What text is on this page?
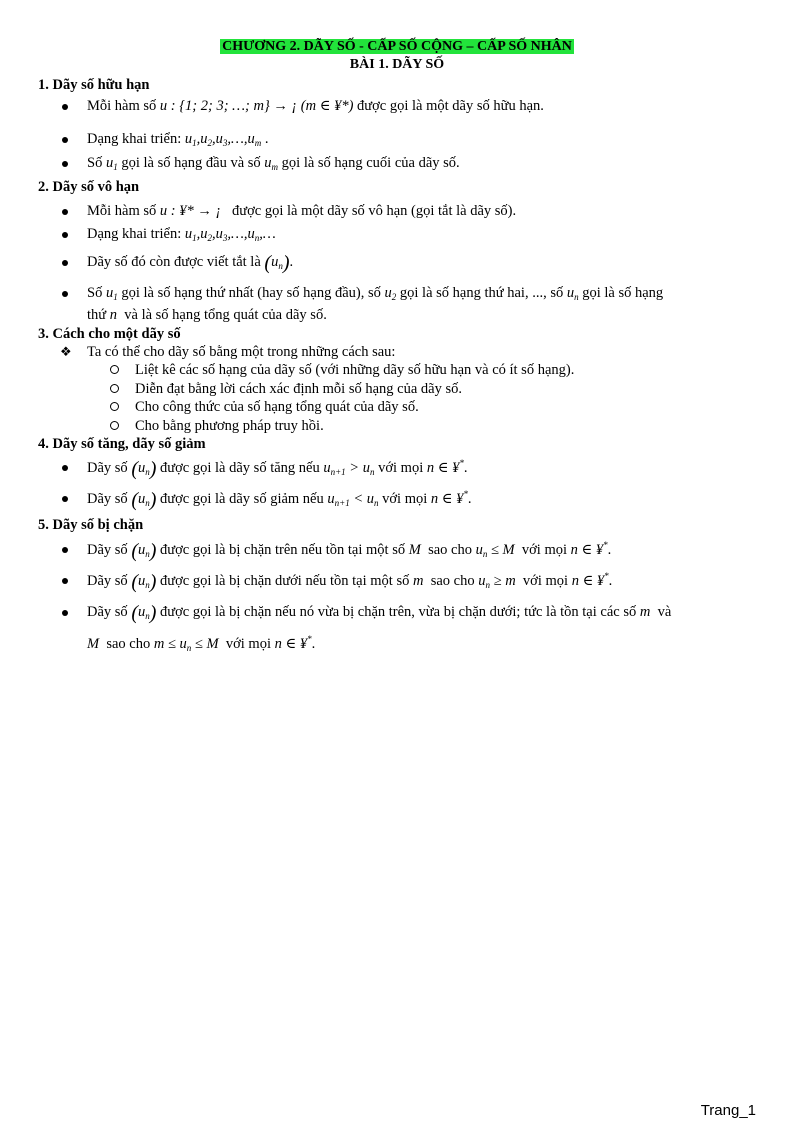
CHƯƠNG 2. DÃY SỐ - CẤP SỐ CỘNG – CẤP SỐ NHÂN
BÀI 1. DÃY SỐ
1. Dãy số hữu hạn
Mỗi hàm số u : {1; 2; 3; …; m} → ¡ (m ∈ ¥*) được gọi là một dãy số hữu hạn.
Dạng khai triển: $u_1,u_2,u_3,\dots,u_m$ .
Số $u_1$ gọi là số hạng đầu và số $u_m$ gọi là số hạng cuối của dãy số.
2. Dãy số vô hạn
Mỗi hàm số u : ¥* → ¡ được gọi là một dãy số vô hạn (gọi tắt là dãy số).
Dạng khai triển: $u_1,u_2,u_3,\dots,u_n,\dots$
Dãy số đó còn được viết tắt là $(u_n)$.
Số $u_1$ gọi là số hạng thứ nhất (hay số hạng đầu), số $u_2$ gọi là số hạng thứ hai, ..., số $u_n$ gọi là số hạng
thứ n và là số hạng tổng quát của dãy số.
3. Cách cho một dãy số
❖ Ta có thể cho dãy số bằng một trong những cách sau:
Liệt kê các số hạng của dãy số (với những dãy số hữu hạn và có ít số hạng).
Diễn đạt bằng lời cách xác định mỗi số hạng của dãy số.
Cho công thức của số hạng tổng quát của dãy số.
Cho bằng phương pháp truy hồi.
4. Dãy số tăng, dãy số giảm
Dãy số $(u_n)$ được gọi là dãy số tăng nếu $u_{n+1} > u_n$ với mọi n ∈ ¥*.
Dãy số $(u_n)$ được gọi là dãy số giảm nếu $u_{n+1} < u_n$ với mọi n ∈ ¥*.
5. Dãy số bị chặn
Dãy số $(u_n)$ được gọi là bị chặn trên nếu tồn tại một số M sao cho $u_n \le M$ với mọi n ∈ ¥*.
Dãy số $(u_n)$ được gọi là bị chặn dưới nếu tồn tại một số m sao cho $u_n \ge m$ với mọi n ∈ ¥*.
Dãy số $(u_n)$ được gọi là bị chặn nếu nó vừa bị chặn trên, vừa bị chặn dưới; tức là tồn tại các số m và
M sao cho $m \le u_n \le M$ với mọi n ∈ ¥*.
Trang_1
